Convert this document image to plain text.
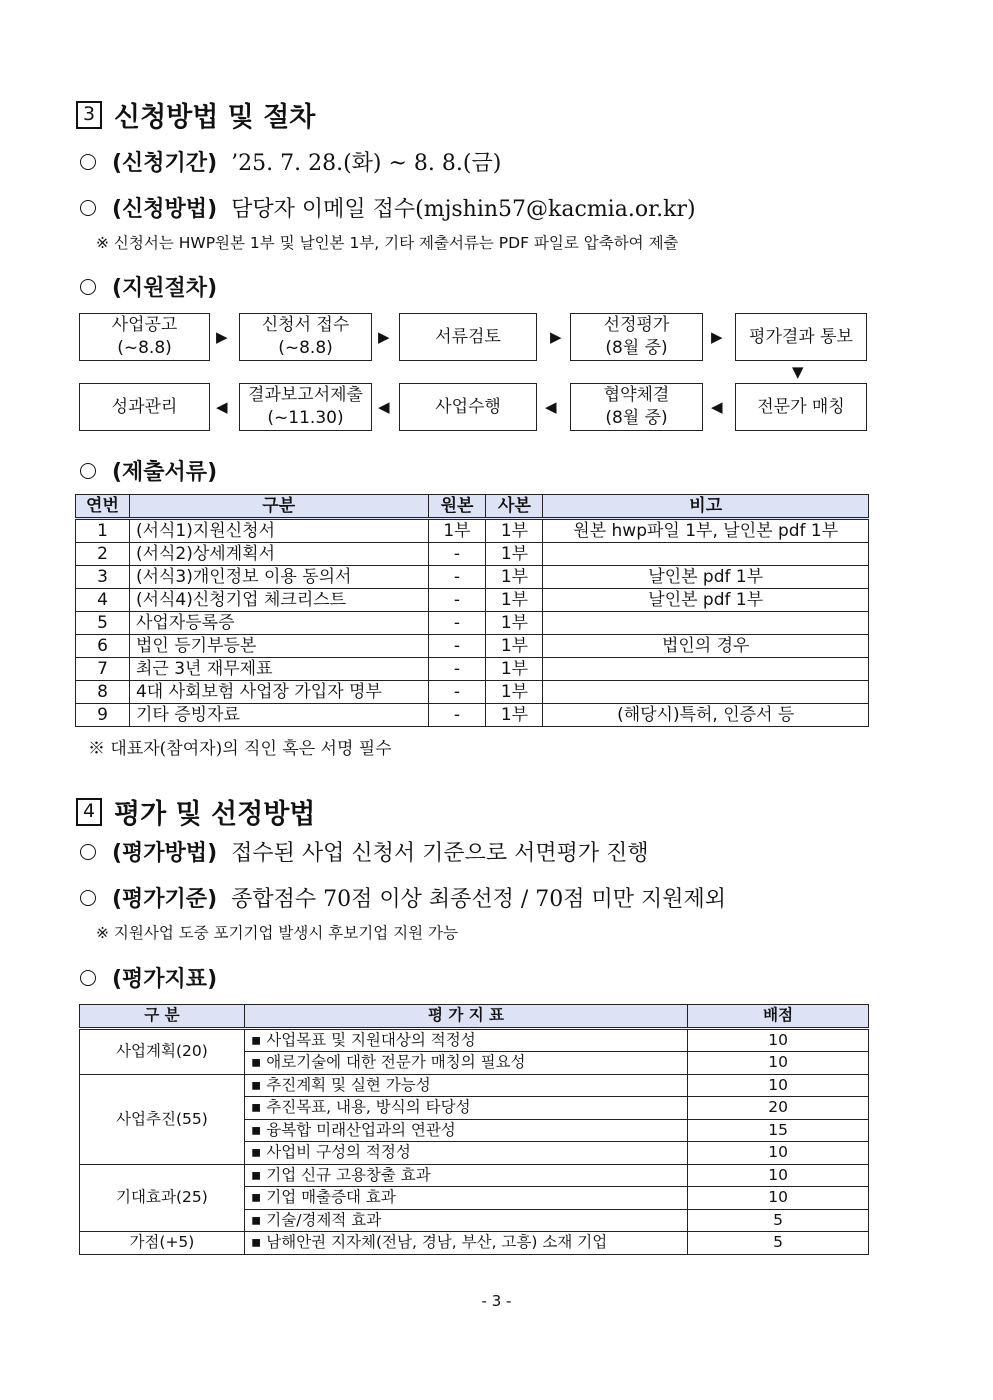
3 신청방법 및 절차
(신청기간) ’25. 7. 28.(화) ~ 8. 8.(금)
(신청방법) 담당자 이메일 접수(mjshin57@kacmia.or.kr)
※ 신청서는 HWP원본 1부 및 날인본 1부, 기타 제출서류는 PDF 파일로 압축하여 제출
(지원절차)
사업공고
(~8.8)
▶
신청서 접수
(~8.8)
▶	서류검토	▶
선정평가
(8월 중)
▶ 평가결과 통보
▼
성과관리	◀
결과보고서제출
(~11.30)
◀	사업수행	◀
협약체결
(8월 중)
◀ 전문가 매칭
(제출서류)
연번	구분	원본	사본	비고
1	(서식1)지원신청서	1부	1부	원본 hwp파일 1부, 날인본 pdf 1부
2	(서식2)상세계획서	-	1부	
3	(서식3)개인정보 이용 동의서	-	1부	날인본 pdf 1부
4	(서식4)신청기업 체크리스트	-	1부	날인본 pdf 1부
5	사업자등록증	-	1부	
6	법인 등기부등본	-	1부	법인의 경우
7	최근 3년 재무제표	-	1부	
8	4대 사회보험 사업장 가입자 명부	-	1부	
9	기타 증빙자료	-	1부	(해당시)특허, 인증서 등
※ 대표자(참여자)의 직인 혹은 서명 필수
4 평가 및 선정방법
(평가방법) 접수된 사업 신청서 기준으로 서면평가 진행
(평가기준) 종합점수 70점 이상 최종선정 / 70점 미만 지원제외
※ 지원사업 도중 포기기업 발생시 후보기업 지원 가능
(평가지표)
구 분	평 가 지 표	배점
사업계획(20)	▪ 사업목표 및 지원대상의 적정성	10
	▪ 애로기술에 대한 전문가 매칭의 필요성	10
사업추진(55)	▪ 추진계획 및 실현 가능성	10
	▪ 추진목표, 내용, 방식의 타당성	20
	▪ 융복합 미래산업과의 연관성	15
	▪ 사업비 구성의 적정성	10
기대효과(25)	▪ 기업 신규 고용창출 효과	10
	▪ 기업 매출증대 효과	10
	▪ 기술/경제적 효과	5
가점(+5)	▪ 남해안권 지자체(전남, 경남, 부산, 고흥) 소재 기업	5
- 3 -
